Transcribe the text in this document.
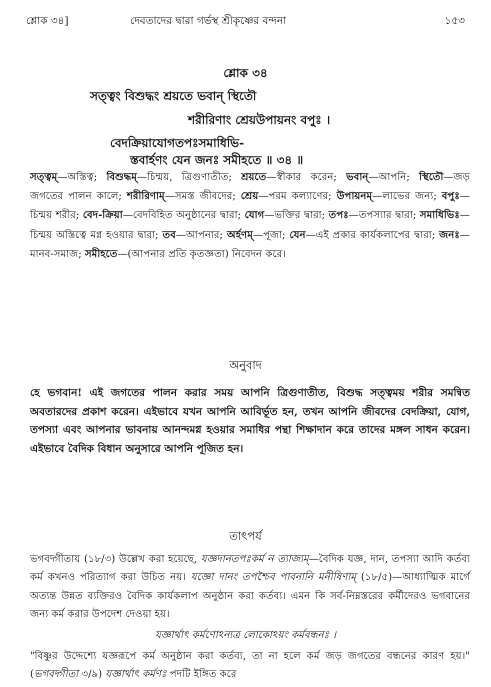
শ্লোক ৩৪]	দেবতাদের দ্বারা গর্ভস্থ শ্রীকৃষ্ণের বন্দনা	১৫৩
শ্লোক ৩৪
সত্ত্বং বিশুদ্ধং শ্রয়তে ভবান্ স্থিতৌ
শরীরিণাং শ্রেয়উপায়নং বপুঃ ।
বেদক্রিয়াযোগতপঃসমাধিভি-
স্তবার্হণং যেন জনঃ সমীহতে ॥ ৩৪ ॥
সত্ত্বম্—অস্তিত্ব; বিশুদ্ধম্—চিন্ময়, ত্রিগুণাতীত; শ্রয়তে—স্বীকার করেন; ভবান্—আপনি; স্থিতৌ—জড় জগতের পালন কালে; শরীরিণাম্—সমস্ত জীবদের; শ্রেয়—পরম কল্যাণের; উপায়নম্—লাভের জন্য; বপুঃ—চিন্ময় শরীর; বেদ-ক্রিয়া—বেদবিহিত অনুষ্ঠানের দ্বারা; যোগ—ভক্তির দ্বারা; তপঃ—তপস্যার দ্বারা; সমাধিভিঃ—চিন্ময় অস্তিত্বে মগ্ন হওয়ার দ্বারা; তব—আপনার; অর্হণম্—পূজা; যেন—এই প্রকার কার্যকলাপের দ্বারা; জনঃ—মানব-সমাজ; সমীহতে—(আপনার প্রতি কৃতজ্ঞতা) নিবেদন করে।
অনুবাদ
হে ভগবান! এই জগতের পালন করার সময় আপনি ত্রিগুণাতীত, বিশুদ্ধ সত্ত্বময় শরীর সমন্বিত অবতারদের প্রকাশ করেন। এইভাবে যখন আপনি আবির্ভূত হন, তখন আপনি জীবদের বেদক্রিয়া, যোগ, তপস্যা এবং আপনার ভাবনায় আনন্দমগ্ন হওয়ার সমাধির পন্থা শিক্ষাদান করে তাদের মঙ্গল সাধন করেন। এইভাবে বৈদিক বিধান অনুসারে আপনি পূজিত হন।
তাৎপর্য
ভগবদ্গীতায় (১৮/৩) উল্লেখ করা হয়েছে, যজ্ঞদানতপঃকর্ম ন ত্যাজ্যম্—বৈদিক যজ্ঞ, দান, তপস্যা আদি কর্তব্য কর্ম কখনও পরিত্যাগ করা উচিত নয়। যজ্ঞো দানং তপশ্চৈব পাবনানি মনীষিণাম্ (১৮/৫)—আধ্যাত্মিক মার্গে অত্যন্ত উন্নত ব্যক্তিরও বৈদিক কার্যকলাপ অনুষ্ঠান করা কর্তব্য। এমন কি সর্ব-নিম্নস্তরের কর্মীদেরও ভগবানের জন্য কর্ম করার উপদেশ দেওয়া হয়।
যজ্ঞার্থাৎ কর্মণোঽন্যত্র লোকোঽয়ং কর্মবন্ধনঃ ।
"বিষ্ণুর উদ্দেশ্যে যজ্ঞরূপে কর্ম অনুষ্ঠান করা কর্তব্য, তা না হলে কর্ম জড় জগতের বন্ধনের কারণ হয়।" (ভগবদ্গীতা ৩/৯) যজ্ঞার্থাৎ কর্মণঃ পদটি ইঙ্গিত করে
